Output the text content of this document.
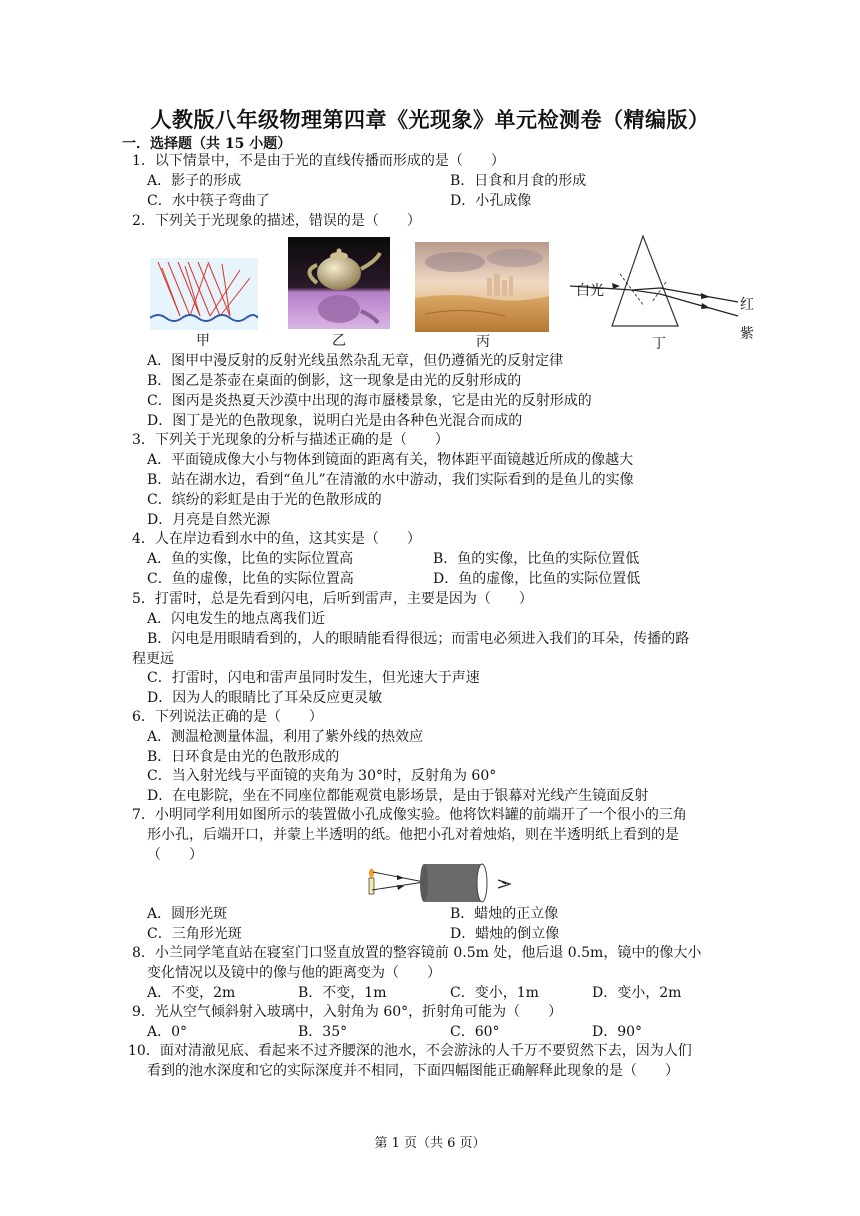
人教版八年级物理第四章《光现象》单元检测卷（精编版）
一．选择题（共 15 小题）
1．以下情景中，不是由于光的直线传播而形成的是（　　）
A．影子的形成	B．日食和月食的形成
C．水中筷子弯曲了	D．小孔成像
2．下列关于光现象的描述，错误的是（　　）
甲	乙	丙
白光
红
紫
丁
A．图甲中漫反射的反射光线虽然杂乱无章，但仍遵循光的反射定律
B．图乙是茶壶在桌面的倒影，这一现象是由光的反射形成的
C．图丙是炎热夏天沙漠中出现的海市蜃楼景象，它是由光的反射形成的
D．图丁是光的色散现象，说明白光是由各种色光混合而成的
3．下列关于光现象的分析与描述正确的是（　　）
A．平面镜成像大小与物体到镜面的距离有关，物体距平面镜越近所成的像越大
B．站在湖水边，看到“鱼儿”在清澈的水中游动，我们实际看到的是鱼儿的实像
C．缤纷的彩虹是由于光的色散形成的
D．月亮是自然光源
4．人在岸边看到水中的鱼，这其实是（　　）
A．鱼的实像，比鱼的实际位置高	B．鱼的实像，比鱼的实际位置低
C．鱼的虚像，比鱼的实际位置高	D．鱼的虚像，比鱼的实际位置低
5．打雷时，总是先看到闪电，后听到雷声，主要是因为（　　）
A．闪电发生的地点离我们近
B．闪电是用眼睛看到的，人的眼睛能看得很远；而雷电必须进入我们的耳朵，传播的路
程更远
C．打雷时，闪电和雷声虽同时发生，但光速大于声速
D．因为人的眼睛比了耳朵反应更灵敏
6．下列说法正确的是（　　）
A．测温枪测量体温，利用了紫外线的热效应
B．日环食是由光的色散形成的
C．当入射光线与平面镜的夹角为 30°时，反射角为 60°
D．在电影院，坐在不同座位都能观赏电影场景，是由于银幕对光线产生镜面反射
7．小明同学利用如图所示的装置做小孔成像实验。他将饮料罐的前端开了一个很小的三角
形小孔，后端开口，并蒙上半透明的纸。他把小孔对着烛焰，则在半透明纸上看到的是
（　　）
A．圆形光斑	B．蜡烛的正立像
C．三角形光斑	D．蜡烛的倒立像
8．小兰同学笔直站在寝室门口竖直放置的整容镜前 0.5m 处，他后退 0.5m，镜中的像大小
变化情况以及镜中的像与他的距离变为（　　）
A．不变，2m	B．不变，1m	C．变小，1m	D．变小，2m
9．光从空气倾斜射入玻璃中，入射角为 60°，折射角可能为（　　）
A．0°	B．35°	C．60°	D．90°
10．面对清澈见底、看起来不过齐腰深的池水，不会游泳的人千万不要贸然下去，因为人们
看到的池水深度和它的实际深度并不相同，下面四幅图能正确解释此现象的是（　　）
第 1 页（共 6 页）
